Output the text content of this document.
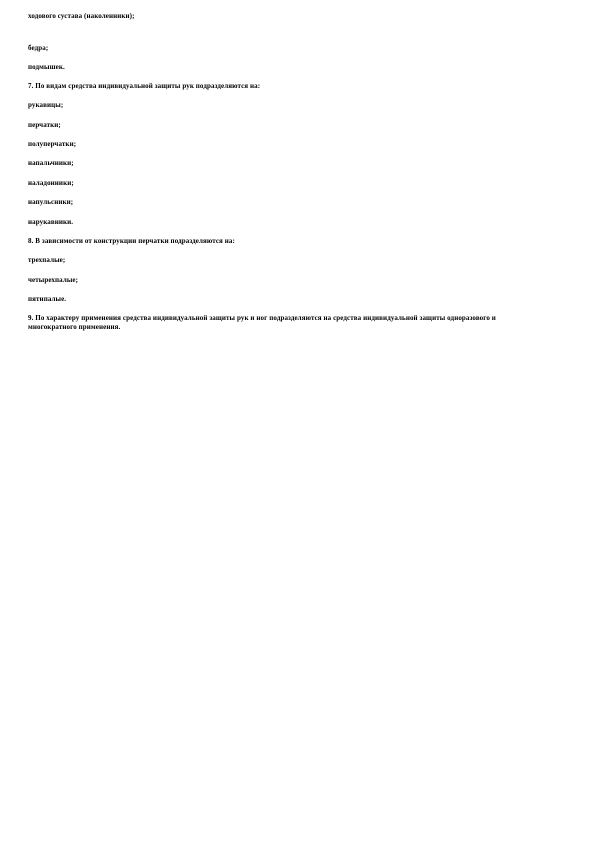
ходового сустава (наколенники);

бедра;

подмышек.

7. По видам средства индивидуальной защиты рук подразделяются на:

рукавицы;

перчатки;

полуперчатки;

напальчники;

наладонники;

напульсники;

нарукавники.

8. В зависимости от конструкции перчатки подразделяются на:

трехпалые;

четырехпалые;

пятипалые.

9. По характеру применения средства индивидуальной защиты рук и ног подразделяются на средства индивидуальной защиты одноразового и многократного применения.
